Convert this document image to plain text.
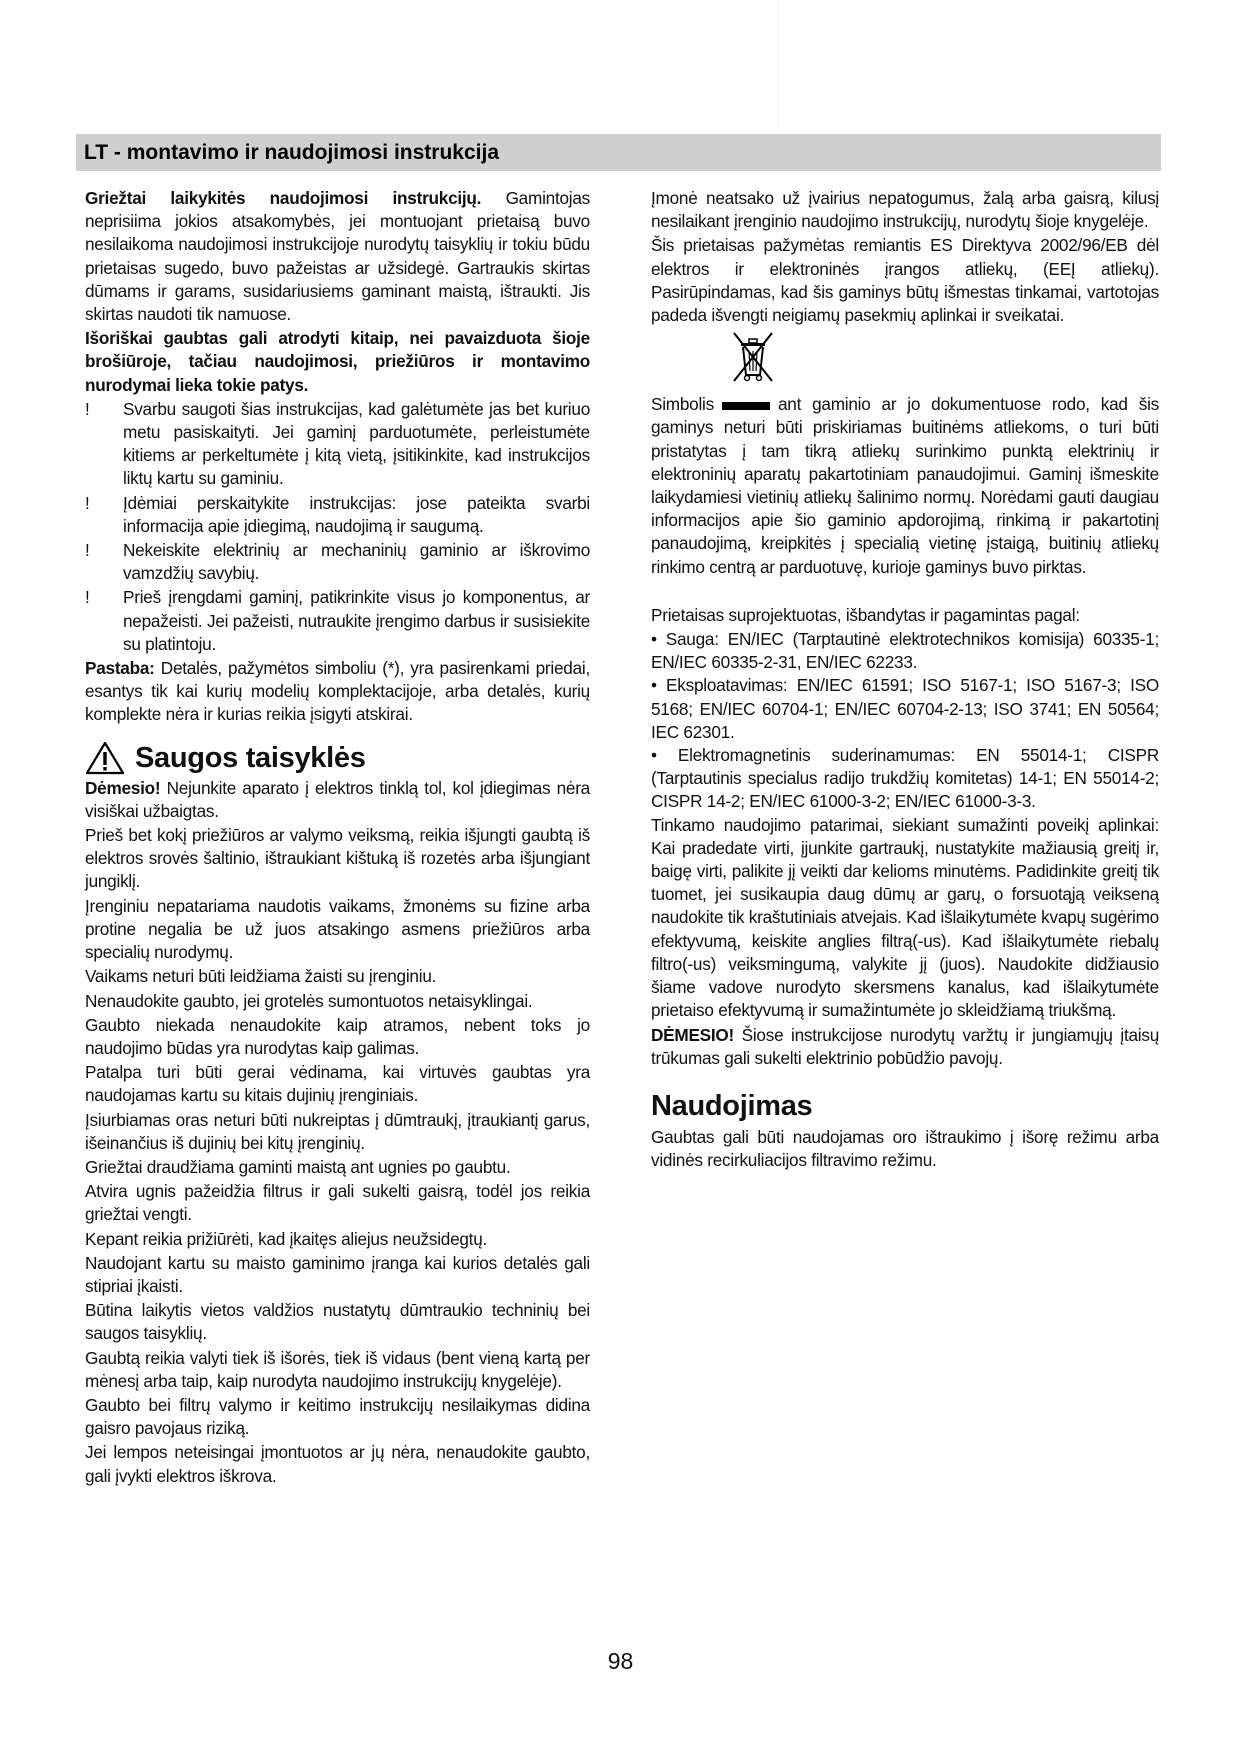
LT - montavimo ir naudojimosi instrukcija

Griežtai laikykitės naudojimosi instrukcijų. Gamintojas neprisiima jokios atsakomybės, jei montuojant prietaisą buvo nesilaikoma naudojimosi instrukcijoje nurodytų taisyklių ir tokiu būdu prietaisas sugedo, buvo pažeistas ar užsidegė. Gartraukis skirtas dūmams ir garams, susidariusiems gaminant maistą, ištraukti. Jis skirtas naudoti tik namuose.

Išoriškai gaubtas gali atrodyti kitaip, nei pavaizduota šioje brošiūroje, tačiau naudojimosi, priežiūros ir montavimo nurodymai lieka tokie patys.

!	Svarbu saugoti šias instrukcijas, kad galėtumėte jas bet kuriuo metu pasiskaityti. Jei gaminį parduotumėte, perleistumėte kitiems ar perkeltumėte į kitą vietą, įsitikinkite, kad instrukcijos liktų kartu su gaminiu.
!	Įdėmiai perskaitykite instrukcijas: jose pateikta svarbi informacija apie įdiegimą, naudojimą ir saugumą.
!	Nekeiskite elektrinių ar mechaninių gaminio ar iškrovimo vamzdžių savybių.
!	Prieš įrengdami gaminį, patikrinkite visus jo komponentus, ar nepažeisti. Jei pažeisti, nutraukite įrengimo darbus ir susisiekite su platintoju.

Pastaba: Detalės, pažymėtos simboliu (*), yra pasirenkami priedai, esantys tik kai kurių modelių komplektacijoje, arba detalės, kurių komplekte nėra ir kurias reikia įsigyti atskirai.

Saugos taisyklės

Dėmesio! Nejunkite aparato į elektros tinklą tol, kol įdiegimas nėra visiškai užbaigtas.

Prieš bet kokį priežiūros ar valymo veiksmą, reikia išjungti gaubtą iš elektros srovės šaltinio, ištraukiant kištuką iš rozetės arba išjungiant jungiklį.

Įrenginiu nepatariama naudotis vaikams, žmonėms su fizine arba protine negalia be už juos atsakingo asmens priežiūros arba specialių nurodymų.

Vaikams neturi būti leidžiama žaisti su įrenginiu.

Nenaudokite gaubto, jei grotelės sumontuotos netaisyklingai.

Gaubto niekada nenaudokite kaip atramos, nebent toks jo naudojimo būdas yra nurodytas kaip galimas.

Patalpa turi būti gerai vėdinama, kai virtuvės gaubtas yra naudojamas kartu su kitais dujinių įrenginiais.

Įsiurbiamas oras neturi būti nukreiptas į dūmtraukį, įtraukiantį garus, išeinančius iš dujinių bei kitų įrenginių.

Griežtai draudžiama gaminti maistą ant ugnies po gaubtu.

Atvira ugnis pažeidžia filtrus ir gali sukelti gaisrą, todėl jos reikia griežtai vengti.

Kepant reikia prižiūrėti, kad įkaitęs aliejus neužsidegtų.

Naudojant kartu su maisto gaminimo įranga kai kurios detalės gali stipriai įkaisti.

Būtina laikytis vietos valdžios nustatytų dūmtraukio techninių bei saugos taisyklių.

Gaubtą reikia valyti tiek iš išorės, tiek iš vidaus (bent vieną kartą per mėnesį arba taip, kaip nurodyta naudojimo instrukcijų knygelėje).

Gaubto bei filtrų valymo ir keitimo instrukcijų nesilaikymas didina gaisro pavojaus riziką.

Jei lempos neteisingai įmontuotos ar jų nėra, nenaudokite gaubto, gali įvykti elektros iškrova.

Įmonė neatsako už įvairius nepatogumus, žalą arba gaisrą, kilusį nesilaikant įrenginio naudojimo instrukcijų, nurodytų šioje knygelėje.

Šis prietaisas pažymėtas remiantis ES Direktyva 2002/96/EB dėl elektros ir elektroninės įrangos atliekų, (EEĮ atliekų). Pasirūpindamas, kad šis gaminys būtų išmestas tinkamai, vartotojas padeda išvengti neigiamų pasekmių aplinkai ir sveikatai.

Simbolis	ant gaminio ar jo dokumentuose rodo, kad šis gaminys neturi būti priskiriamas buitinėms atliekoms, o turi būti pristatytas į tam tikrą atliekų surinkimo punktą elektrinių ir elektroninių aparatų pakartotiniam panaudojimui. Gaminį išmeskite laikydamiesi vietinių atliekų šalinimo normų. Norėdami gauti daugiau informacijos apie šio gaminio apdorojimą, rinkimą ir pakartotinį panaudojimą, kreipkitės į specialią vietinę įstaigą, buitinių atliekų rinkimo centrą ar parduotuvę, kurioje gaminys buvo pirktas.

Prietaisas suprojektuotas, išbandytas ir pagamintas pagal:

• Sauga: EN/IEC (Tarptautinė elektrotechnikos komisija) 60335-1; EN/IEC 60335-2-31, EN/IEC 62233.

• Eksploatavimas: EN/IEC 61591; ISO 5167-1; ISO 5167-3; ISO 5168; EN/IEC 60704-1; EN/IEC 60704-2-13; ISO 3741; EN 50564; IEC 62301.

• Elektromagnetinis suderinamumas: EN 55014-1; CISPR (Tarptautinis specialus radijo trukdžių komitetas) 14-1; EN 55014-2; CISPR 14-2; EN/IEC 61000-3-2; EN/IEC 61000-3-3.

Tinkamo naudojimo patarimai, siekiant sumažinti poveikį aplinkai: Kai pradedate virti, įjunkite gartraukį, nustatykite mažiausią greitį ir, baigę virti, palikite jį veikti dar kelioms minutėms. Padidinkite greitį tik tuomet, jei susikaupia daug dūmų ar garų, o forsuotąją veikseną naudokite tik kraštutiniais atvejais. Kad išlaikytumėte kvapų sugėrimo efektyvumą, keiskite anglies filtrą(-us). Kad išlaikytumėte riebalų filtro(-us) veiksmingumą, valykite jį (juos). Naudokite didžiausio šiame vadove nurodyto skersmens kanalus, kad išlaikytumėte prietaiso efektyvumą ir sumažintumėte jo skleidžiamą triukšmą.

DĖMESIO! Šiose instrukcijose nurodytų varžtų ir jungiamųjų įtaisų trūkumas gali sukelti elektrinio pobūdžio pavojų.

Naudojimas

Gaubtas gali būti naudojamas oro ištraukimo į išorę režimu arba vidinės recirkuliacijos filtravimo režimu.

98
